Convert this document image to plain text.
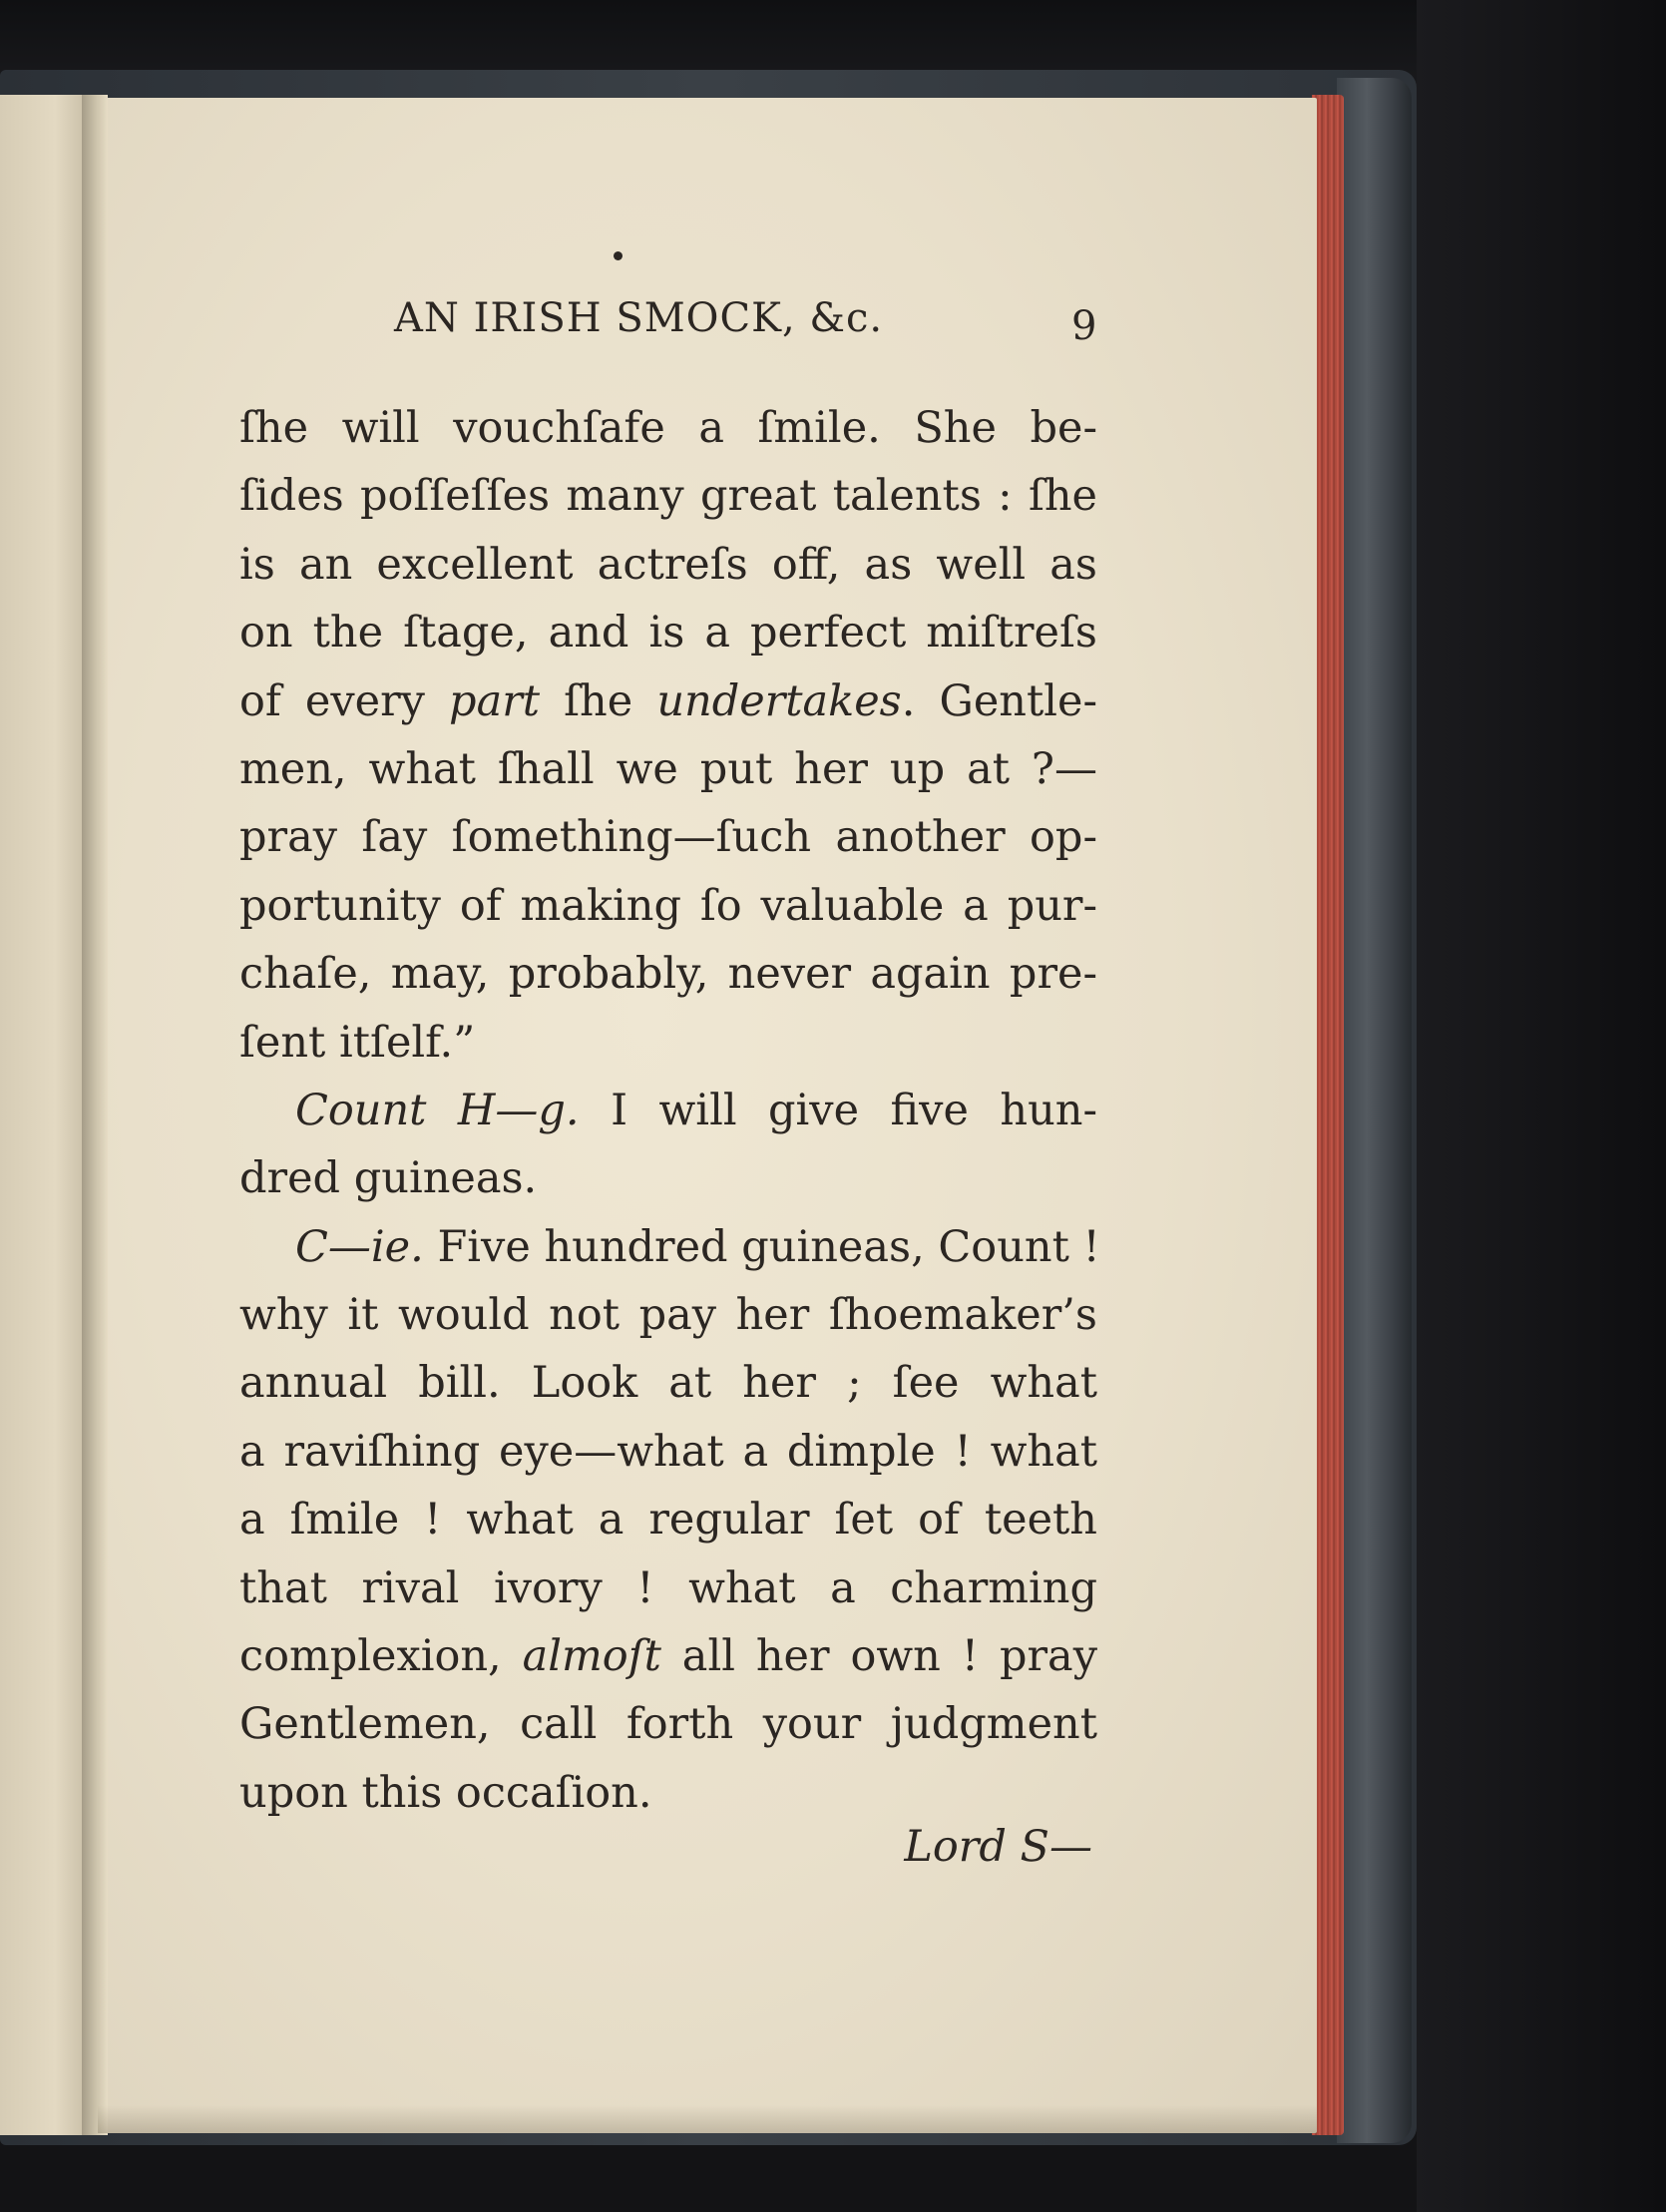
AN IRISH SMOCK, &c.	9
ſhe will vouchſafe a ſmile. She be-
ſides poſſeſſes many great talents : ſhe
is an excellent actreſs off, as well as
on the ſtage, and is a perfect miſtreſs
of every part ſhe undertakes. Gentle-
men, what ſhall we put her up at ?—
pray ſay ſomething—ſuch another op-
portunity of making ſo valuable a pur-
chaſe, may, probably, never again pre-
ſent itſelf.”
Count H—g. I will give five hun-
dred guineas.
C—ie. Five hundred guineas, Count !
why it would not pay her ſhoemaker’s
annual bill. Look at her ; ſee what
a raviſhing eye—what a dimple ! what
a ſmile ! what a regular ſet of teeth
that rival ivory ! what a charming
complexion, almoſt all her own ! pray
Gentlemen, call forth your judgment
upon this occaſion.
Lord S—
